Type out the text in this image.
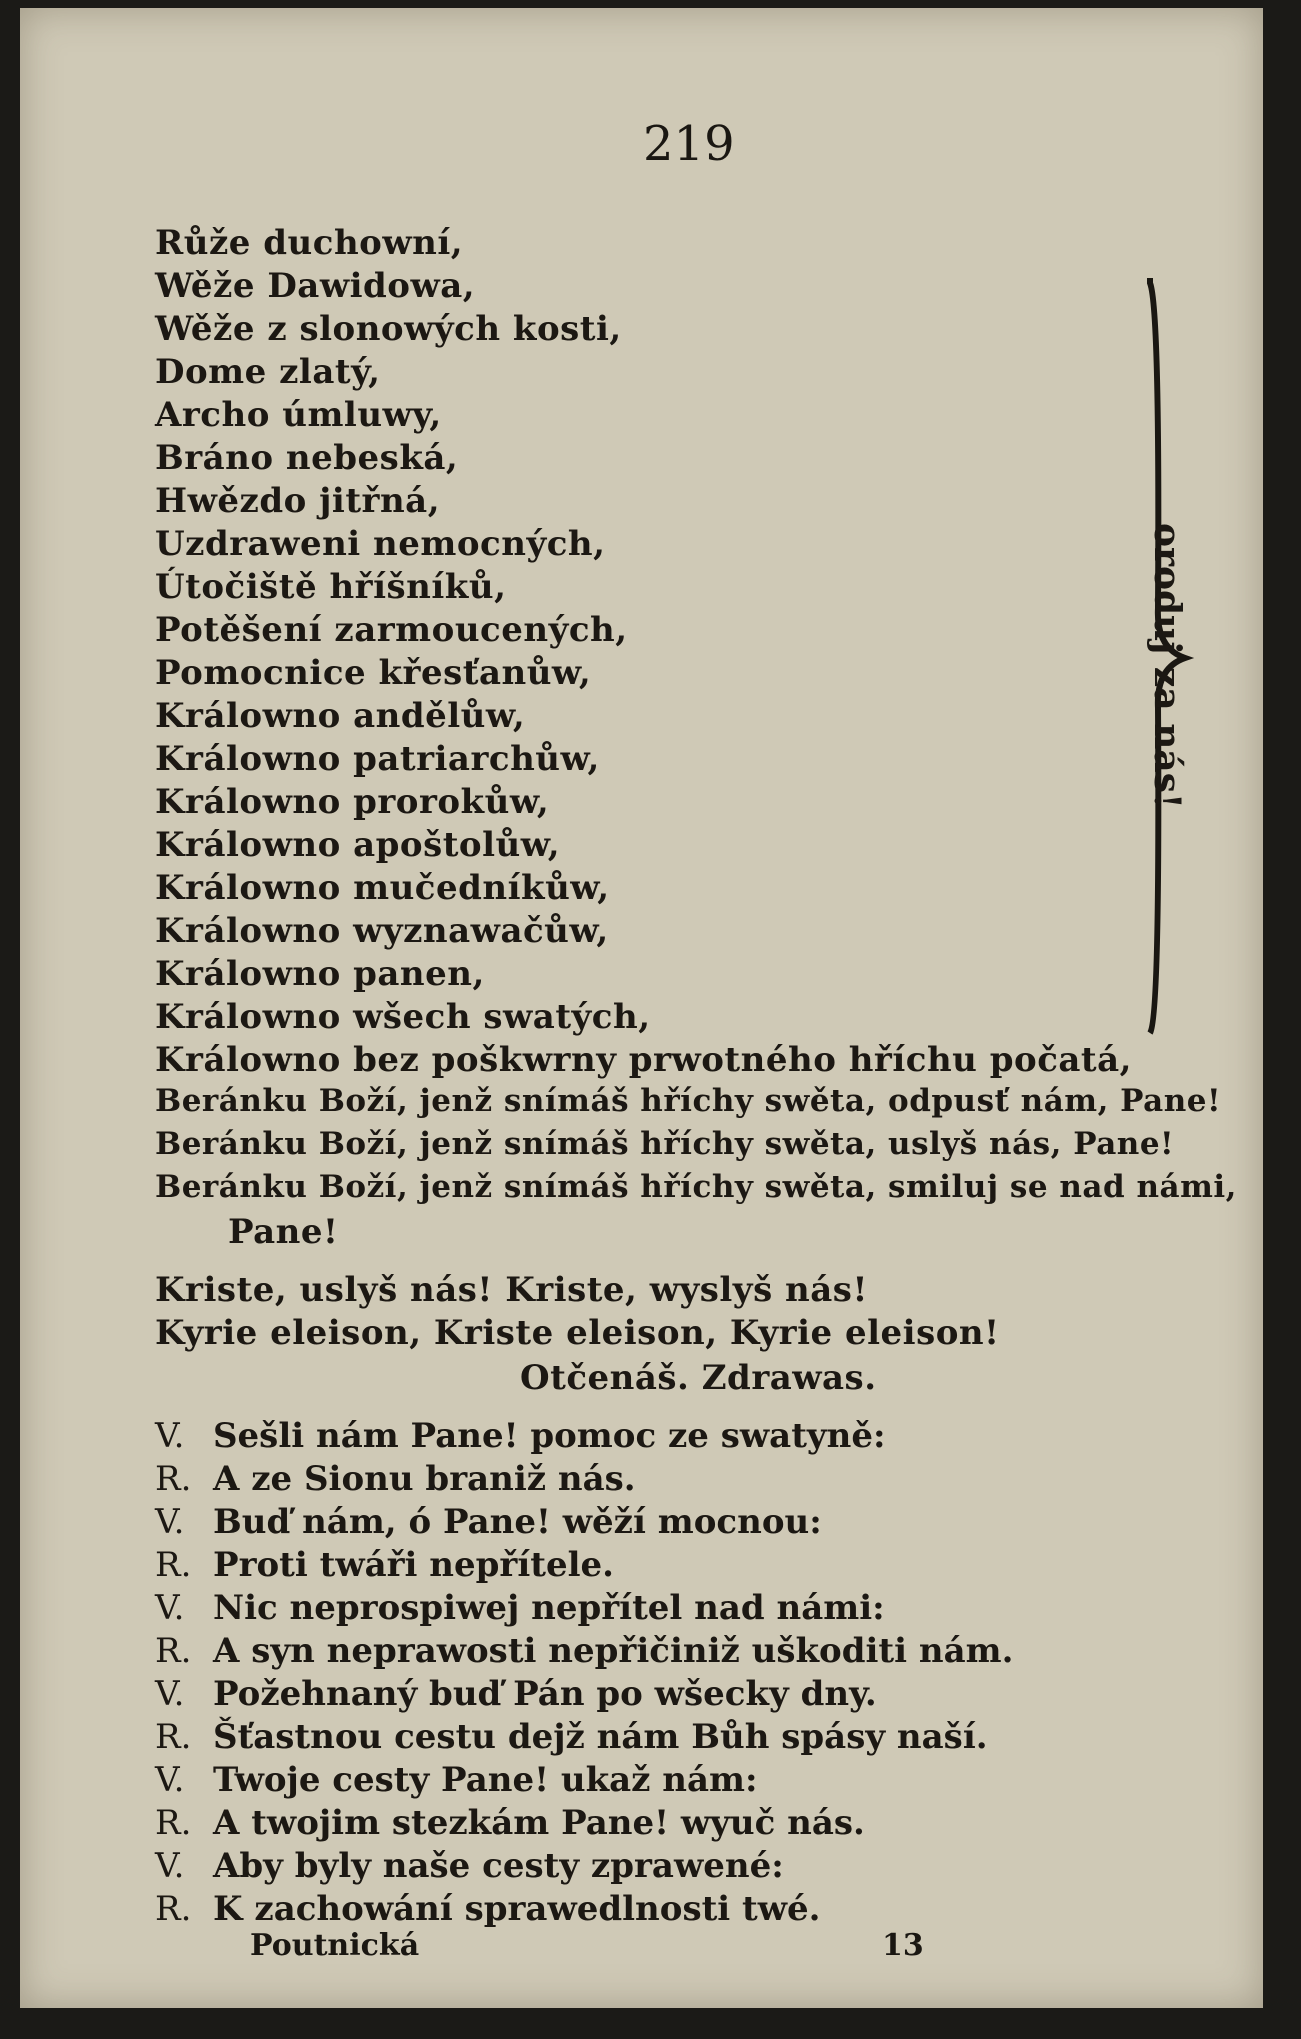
219
Růže duchowní,
Wěže Dawidowa,
Wěže z slonowých kosti,
Dome zlatý,
Archo úmluwy,
Bráno nebeská,
Hwězdo jitřná,
Uzdraweni nemocných,
Útočiště hříšníků,
Potěšení zarmoucených,
Pomocnice křesťanůw,
Králowno andělůw,
Králowno patriarchůw,
Králowno prorokůw,
Králowno apoštolůw,
Králowno mučedníkůw,
Králowno wyznawačůw,
Králowno panen,
Králowno wšech swatých,
Králowno bez poškwrny prwotného hříchu počatá,
Beránku Boží, jenž snímáš hříchy swěta, odpusť nám, Pane!
Beránku Boží, jenž snímáš hříchy swěta, uslyš nás, Pane!
Beránku Boží, jenž snímáš hříchy swěta, smiluj se nad námi,
Pane!
oroduj za nás!
Kriste, uslyš nás! Kriste, wyslyš nás!
Kyrie eleison, Kriste eleison, Kyrie eleison!
Otčenáš. Zdrawas.
V. Sešli nám Pane! pomoc ze swatyně:
R. A ze Sionu braniž nás.
V. Buď nám, ó Pane! wěží mocnou:
R. Proti twáři nepřítele.
V. Nic neprospiwej nepřítel nad námi:
R. A syn neprawosti nepřičiniž uškoditi nám.
V. Požehnaný buď Pán po wšecky dny.
R. Šťastnou cestu dejž nám Bůh spásy naší.
V. Twoje cesty Pane! ukaž nám:
R. A twojim stezkám Pane! wyuč nás.
V. Aby byly naše cesty zprawené:
R. K zachowání sprawedlnosti twé.
Poutnická	13
